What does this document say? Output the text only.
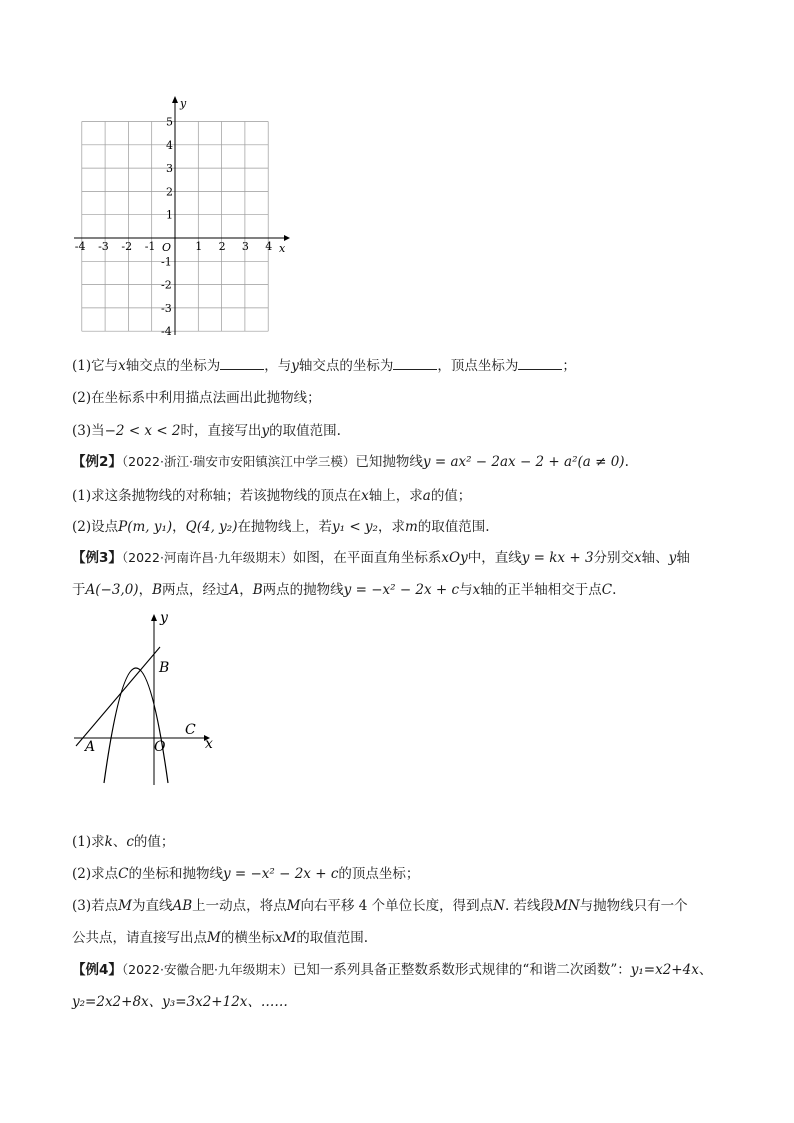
-4 -3 -2 -1	1 2 3 4
5
4
3
2
1
-1
-2
-3
-4
x
y
O
(1)它与x轴交点的坐标为	，与y轴交点的坐标为	，顶点坐标为	；
(2)在坐标系中利用描点法画出此抛物线；
(3)当−2 < x < 2时，直接写出y的取值范围.
【例2】（2022·浙江·瑞安市安阳镇滨江中学三模）已知抛物线y = ax² − 2ax − 2 + a²(a ≠ 0).
(1)求这条抛物线的对称轴；若该抛物线的顶点在x轴上，求a的值；
(2)设点P(m, y₁)，Q(4, y₂)在抛物线上，若y₁ < y₂，求m的取值范围.
【例3】（2022·河南许昌·九年级期末）如图，在平面直角坐标系xOy中，直线y = kx + 3分别交x轴、y轴
于A(−3,0)，B两点，经过A，B两点的抛物线y = −x² − 2x + c与x轴的正半轴相交于点C.
y
x
A
B
C
O
(1)求k、c的值；
(2)求点C的坐标和抛物线y = −x² − 2x + c的顶点坐标；
(3)若点M为直线AB上一动点，将点M向右平移 4 个单位长度，得到点N. 若线段MN与抛物线只有一个
公共点，请直接写出点M的横坐标xM的取值范围.
【例4】（2022·安徽合肥·九年级期末）已知一系列具备正整数系数形式规律的“和谐二次函数”：y₁=x2+4x、
y₂=2x2+8x、y₃=3x2+12x、……
